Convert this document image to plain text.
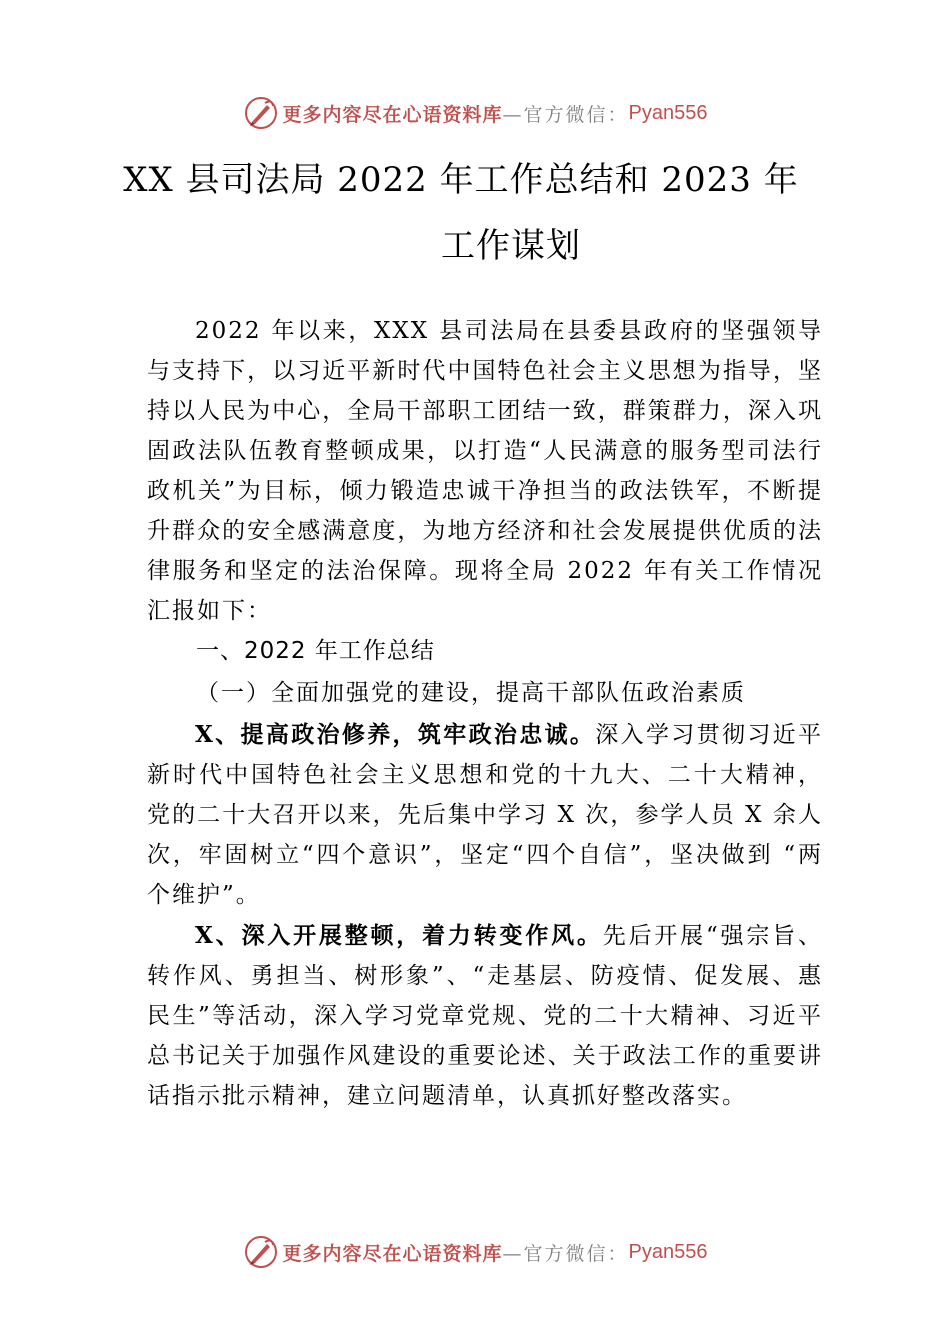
更多内容尽在心语资料库 —官方微信： Pyan556
XX 县司法局 2022 年工作总结和 2023 年
工作谋划
2022 年以来，XXX 县司法局在县委县政府的坚强领导与支持下，以习近平新时代中国特色社会主义思想为指导，坚持以人民为中心，全局干部职工团结一致，群策群力，深入巩固政法队伍教育整顿成果，以打造“人民满意的服务型司法行政机关”为目标，倾力锻造忠诚干净担当的政法铁军，不断提升群众的安全感满意度，为地方经济和社会发展提供优质的法律服务和坚定的法治保障。现将全局 2022 年有关工作情况汇报如下：
一、2022 年工作总结
（一）全面加强党的建设，提高干部队伍政治素质
X、提高政治修养，筑牢政治忠诚。深入学习贯彻习近平新时代中国特色社会主义思想和党的十九大、二十大精神， 党的二十大召开以来，先后集中学习 X 次，参学人员 X 余人次，牢固树立“四个意识”，坚定“四个自信”，坚决做到 “两个维护”。
X、深入开展整顿，着力转变作风。先后开展“强宗旨、转作风、勇担当、树形象”、“走基层、防疫情、促发展、惠民生”等活动，深入学习党章党规、党的二十大精神、习近平总书记关于加强作风建设的重要论述、关于政法工作的重要讲话指示批示精神，建立问题清单，认真抓好整改落实。
更多内容尽在心语资料库 —官方微信： Pyan556
